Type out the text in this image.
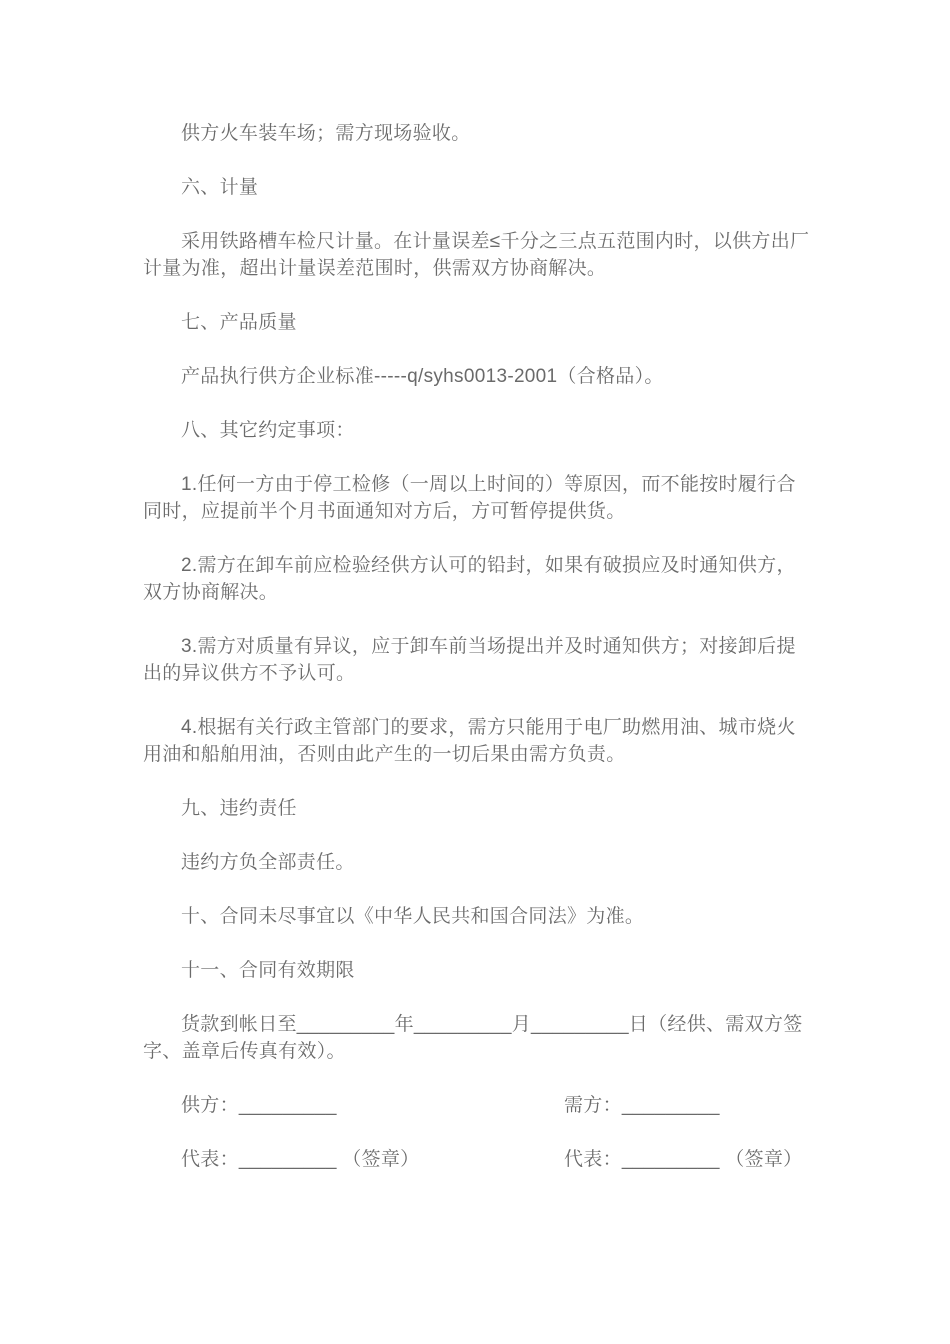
供方火车装车场；需方现场验收。

六、计量

采用铁路槽车检尺计量。在计量误差≤千分之三点五范围内时，以供方出厂计量为准，超出计量误差范围时，供需双方协商解决。

七、产品质量

产品执行供方企业标准-----q/syhs0013-2001（合格品）。

八、其它约定事项：

1.任何一方由于停工检修（一周以上时间的）等原因，而不能按时履行合同时，应提前半个月书面通知对方后，方可暂停提供货。

2.需方在卸车前应检验经供方认可的铅封，如果有破损应及时通知供方，双方协商解决。

3.需方对质量有异议，应于卸车前当场提出并及时通知供方；对接卸后提出的异议供方不予认可。

4.根据有关行政主管部门的要求，需方只能用于电厂助燃用油、城市烧火用油和船舶用油，否则由此产生的一切后果由需方负责。

九、违约责任

违约方负全部责任。

十、合同未尽事宜以《中华人民共和国合同法》为准。

十一、合同有效期限

货款到帐日至_________年_________月_________日（经供、需双方签字、盖章后传真有效）。

供方：_________	需方：_________
代表：_________ （签章）	代表：_________ （签章）
